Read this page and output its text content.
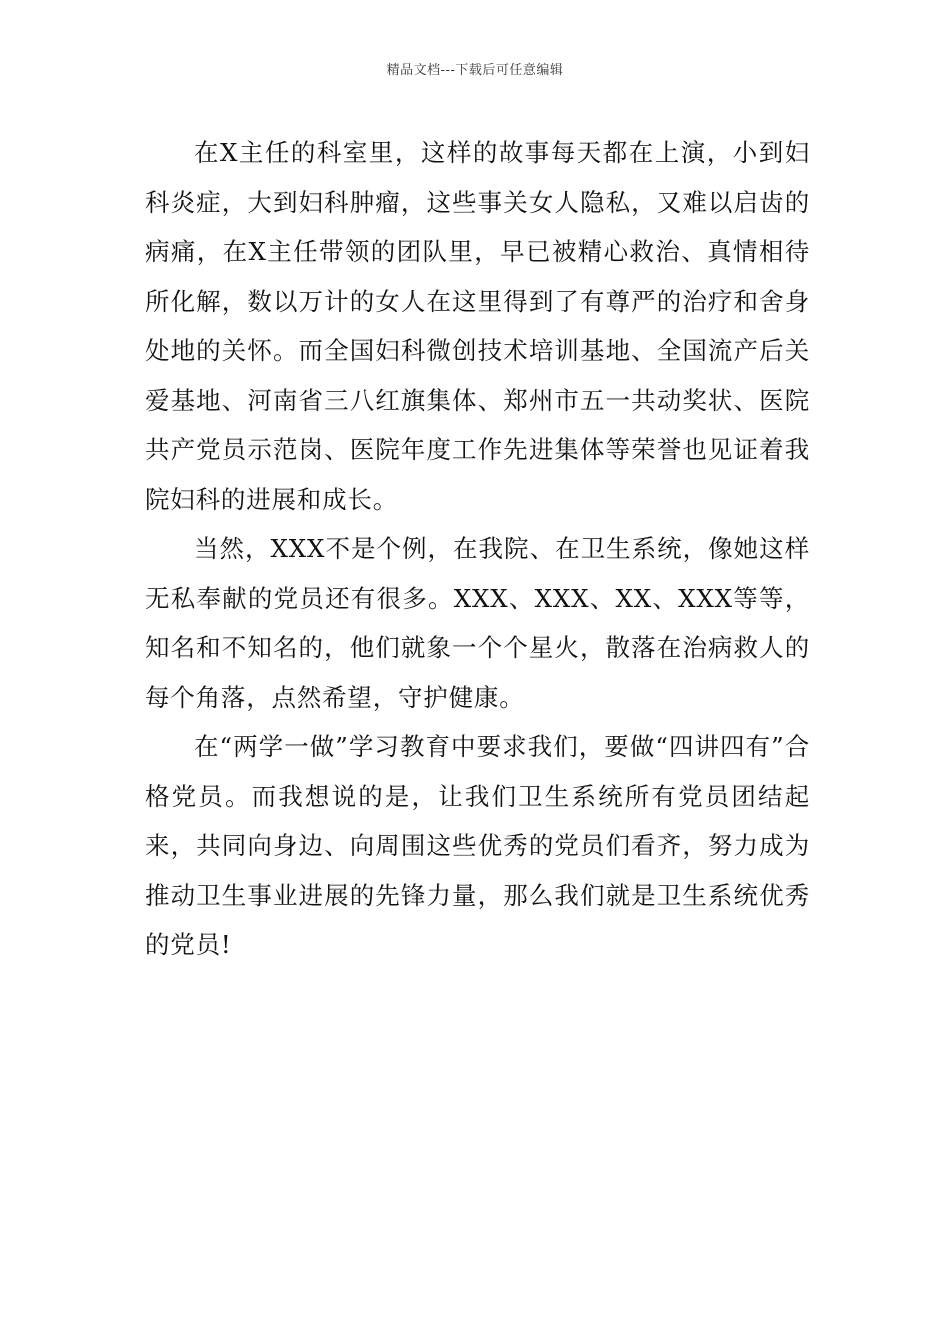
精品文档---下载后可任意编辑

在X主任的科室里，这样的故事每天都在上演，小到妇科炎症，大到妇科肿瘤，这些事关女人隐私，又难以启齿的病痛，在X主任带领的团队里，早已被精心救治、真情相待所化解，数以万计的女人在这里得到了有尊严的治疗和舍身处地的关怀。而全国妇科微创技术培训基地、全国流产后关爱基地、河南省三八红旗集体、郑州市五一共动奖状、医院共产党员示范岗、医院年度工作先进集体等荣誉也见证着我院妇科的进展和成长。

当然，XXX不是个例，在我院、在卫生系统，像她这样无私奉献的党员还有很多。XXX、XXX、XX、XXX等等，知名和不知名的，他们就象一个个星火，散落在治病救人的每个角落，点然希望，守护健康。

在“两学一做”学习教育中要求我们，要做“四讲四有”合格党员。而我想说的是，让我们卫生系统所有党员团结起来，共同向身边、向周围这些优秀的党员们看齐，努力成为推动卫生事业进展的先锋力量，那么我们就是卫生系统优秀的党员!
